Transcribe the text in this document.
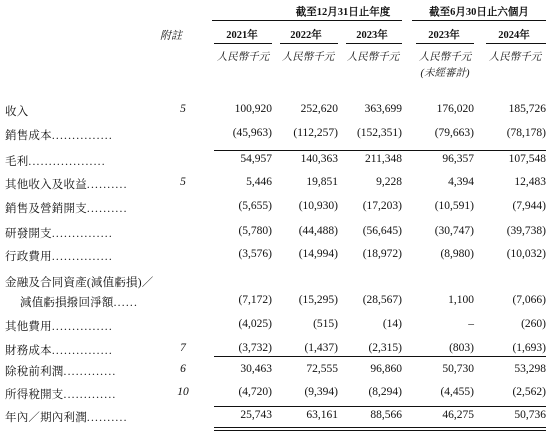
截至12月31日止年度	截至6月30日止六個月
附註	2021年	2022年	2023年	2023年	2024年
人民幣千元	人民幣千元	人民幣千元	人民幣千元	人民幣千元
(未經審計)
收入	5	100,920	252,620	363,699	176,020	185,726
銷售成本...............	(45,963)	(112,257)	(152,351)	(79,663)	(78,178)
毛利...................	54,957	140,363	211,348	96,357	107,548
其他收入及收益..........	5	5,446	19,851	9,228	4,394	12,483
銷售及營銷開支..........	(5,655)	(10,930)	(17,203)	(10,591)	(7,944)
研發開支...............	(5,780)	(44,488)	(56,645)	(30,747)	(39,738)
行政費用...............	(3,576)	(14,994)	(18,972)	(8,980)	(10,032)
金融及合同資產(減值虧損)／
減值虧損撥回淨額......	(7,172)	(15,295)	(28,567)	1,100	(7,066)
其他費用...............	(4,025)	(515)	(14)	–	(260)
財務成本...............	7	(3,732)	(1,437)	(2,315)	(803)	(1,693)
除稅前利潤.............	6	30,463	72,555	96,860	50,730	53,298
所得稅開支.............	10	(4,720)	(9,394)	(8,294)	(4,455)	(2,562)
年內／期內利潤..........	25,743	63,161	88,566	46,275	50,736
